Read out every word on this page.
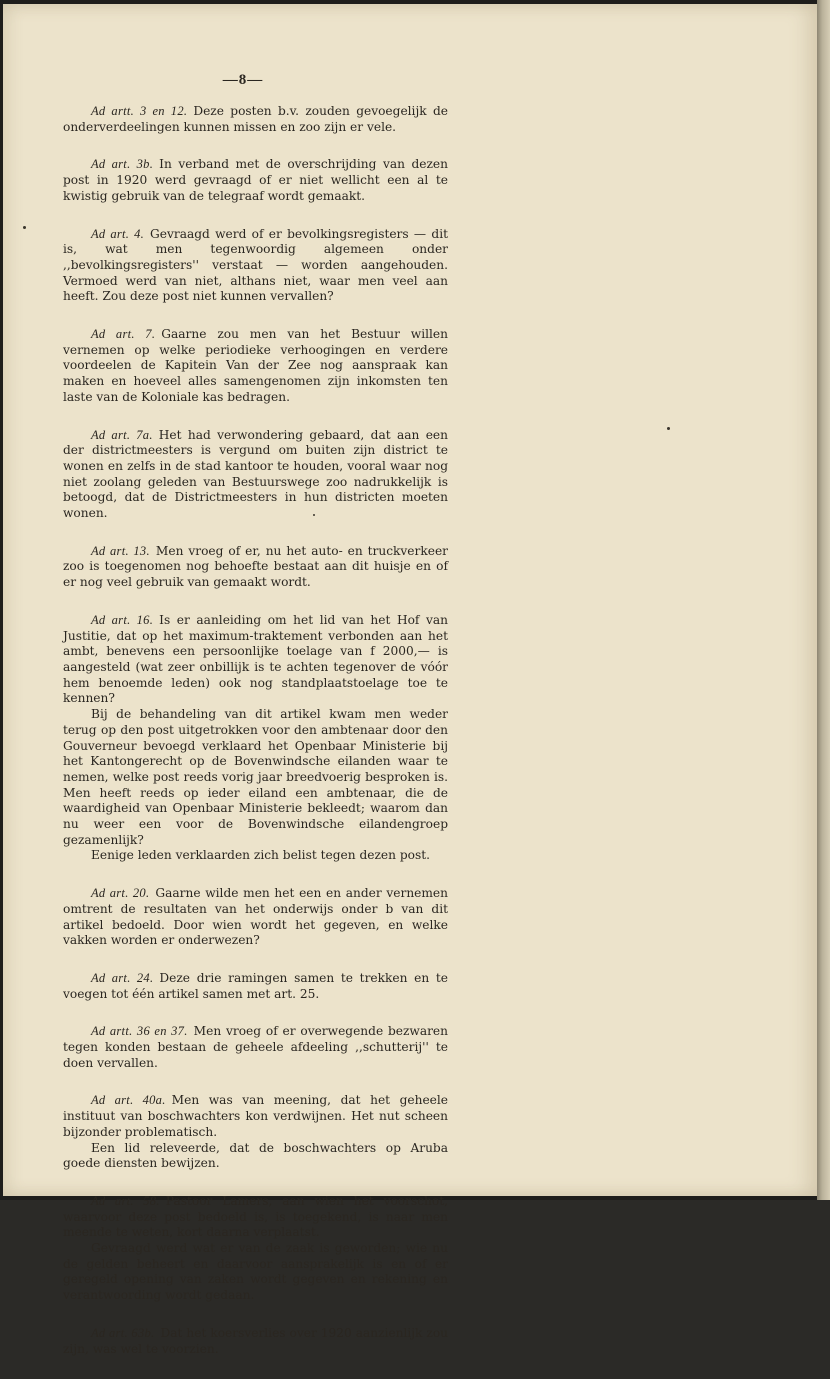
—8—

Ad artt. 3 en 12. Deze posten b.v. zouden gevoegelijk de onderverdeelingen kunnen missen en zoo zijn er vele.

Ad art. 3b. In verband met de overschrijding van dezen post in 1920 werd gevraagd of er niet wellicht een al te kwistig gebruik van de telegraaf wordt gemaakt.

Ad art. 4. Gevraagd werd of er bevolkingsregisters — dit is, wat men tegenwoordig algemeen onder ,,bevolkingsregisters'' verstaat — worden aangehouden. Vermoed werd van niet, althans niet, waar men veel aan heeft. Zou deze post niet kunnen vervallen?

Ad art. 7. Gaarne zou men van het Bestuur willen vernemen op welke periodieke verhoogingen en verdere voordeelen de Kapitein Van der Zee nog aanspraak kan maken en hoeveel alles samengenomen zijn inkomsten ten laste van de Koloniale kas bedragen.

Ad art. 7a. Het had verwondering gebaard, dat aan een der districtmeesters is vergund om buiten zijn district te wonen en zelfs in de stad kantoor te houden, vooral waar nog niet zoolang geleden van Bestuurswege zoo nadrukkelijk is betoogd, dat de Districtmeesters in hun districten moeten wonen.

Ad art. 13. Men vroeg of er, nu het auto- en truckverkeer zoo is toegenomen nog behoefte bestaat aan dit huisje en of er nog veel gebruik van gemaakt wordt.

Ad art. 16. Is er aanleiding om het lid van het Hof van Justitie, dat op het maximum-traktement verbonden aan het ambt, benevens een persoonlijke toelage van f 2000,— is aangesteld (wat zeer onbillijk is te achten tegenover de vóór hem benoemde leden) ook nog standplaatstoelage toe te kennen?

Bij de behandeling van dit artikel kwam men weder terug op den post uitgetrokken voor den ambtenaar door den Gouverneur bevoegd verklaard het Openbaar Ministerie bij het Kantongerecht op de Bovenwindsche eilanden waar te nemen, welke post reeds vorig jaar breedvoerig besproken is. Men heeft reeds op ieder eiland een ambtenaar, die de waardigheid van Openbaar Ministerie bekleedt; waarom dan nu weer een voor de Bovenwindsche eilandengroep gezamenlijk?

Eenige leden verklaarden zich belist tegen dezen post.

Ad art. 20. Gaarne wilde men het een en ander vernemen omtrent de resultaten van het onderwijs onder b van dit artikel bedoeld. Door wien wordt het gegeven, en welke vakken worden er onderwezen?

Ad art. 24. Deze drie ramingen samen te trekken en te voegen tot één artikel samen met art. 25.

Ad artt. 36 en 37. Men vroeg of er overwegende bezwaren tegen konden bestaan de geheele afdeeling ,,schutterij'' te doen vervallen.

Ad art. 40a. Men was van meening, dat het geheele instituut van boschwachters kon verdwijnen. Het nut scheen bijzonder problematisch.

Een lid releveerde, dat de boschwachters op Aruba goede diensten bewijzen.

Ad art. 58. Pastoor Lamers, aan wien het voorschot, waarvoor deze post bedoeld is, is toegekend, is naar men meende te weten, kort daarna verplaatst.

Gevraagd werd wat er van de zaak is geworden; wie nu de gelden beheert en daarvoor aansprakelijk is en of er geregeld opening van zaken wordt gegeven en rekening en verantwoording wordt gedaan.

Ad art. 63b. Dat het koersverlies over 1920 aanzienlijk zou zijn, was wel te voorzien.
